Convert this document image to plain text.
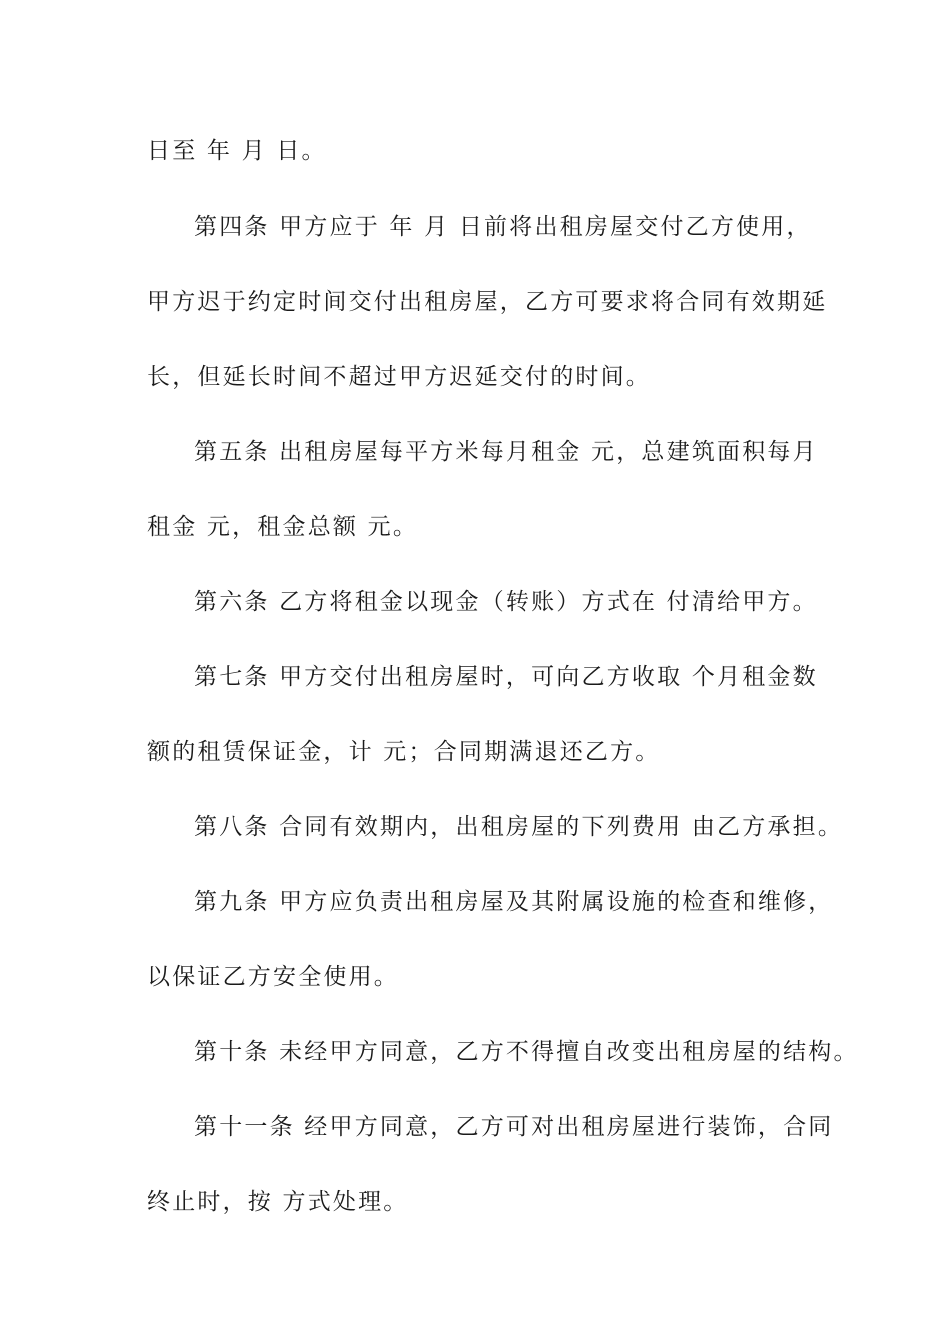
日至 年 月 日。
第四条 甲方应于 年 月 日前将出租房屋交付乙方使用，
甲方迟于约定时间交付出租房屋，乙方可要求将合同有效期延
长，但延长时间不超过甲方迟延交付的时间。
第五条 出租房屋每平方米每月租金 元，总建筑面积每月
租金 元，租金总额 元。
第六条 乙方将租金以现金（转账）方式在 付清给甲方。
第七条 甲方交付出租房屋时，可向乙方收取 个月租金数
额的租赁保证金，计 元；合同期满退还乙方。
第八条 合同有效期内，出租房屋的下列费用 由乙方承担。
第九条 甲方应负责出租房屋及其附属设施的检查和维修，
以保证乙方安全使用。
第十条 未经甲方同意，乙方不得擅自改变出租房屋的结构。
第十一条 经甲方同意，乙方可对出租房屋进行装饰，合同
终止时，按 方式处理。
